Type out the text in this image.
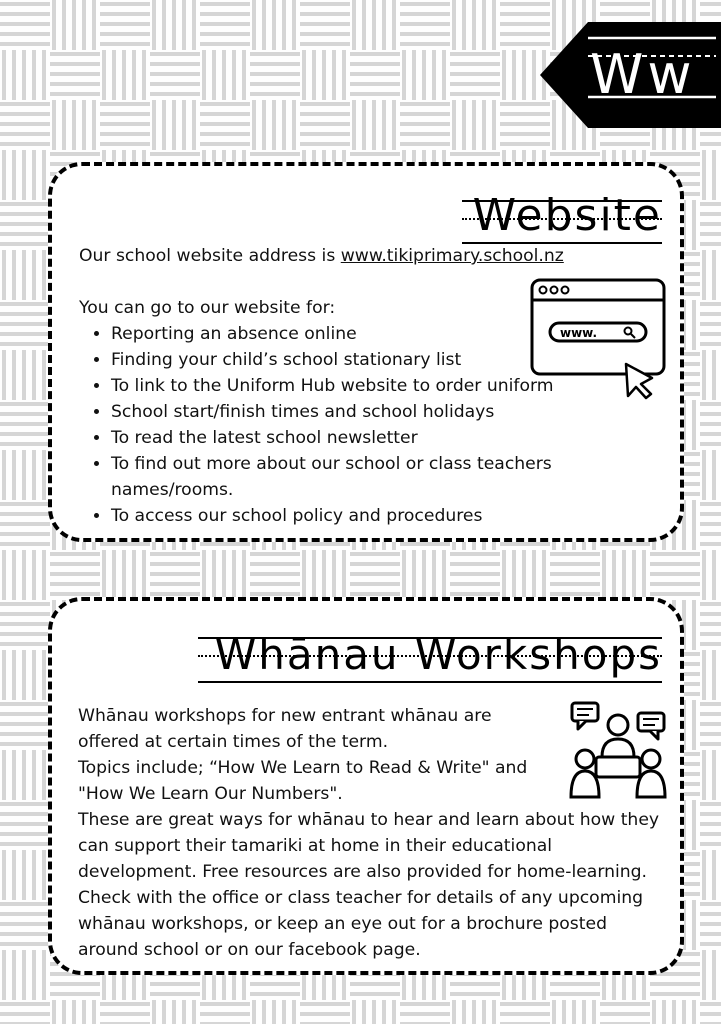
Ww
Website

Our school website address is www.tikiprimary.school.nz

You can go to our website for:

• Reporting an absence online
• Finding your child’s school stationary list
• To link to the Uniform Hub website to order uniform
• School start/finish times and school holidays
• To read the latest school newsletter
• To find out more about our school or class teachers names/rooms.
• To access our school policy and procedures
www.
Whānau Workshops

Whānau workshops for new entrant whānau are offered at certain times of the term.

Topics include; “How We Learn to Read & Write" and "How We Learn Our Numbers".

These are great ways for whānau to hear and learn about how they can support their tamariki at home in their educational development. Free resources are also provided for home-learning. Check with the office or class teacher for details of any upcoming whānau workshops, or keep an eye out for a brochure posted around school or on our facebook page.
